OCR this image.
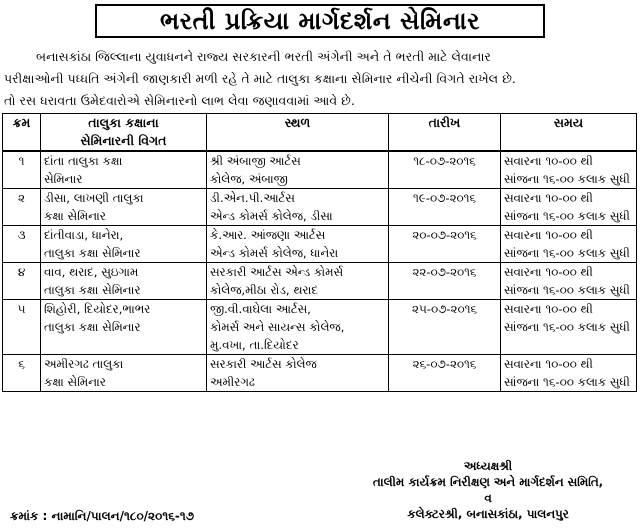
ભરતી પ્રક્રિયા માર્ગદર્શન સેમિનાર
બનાસકાંઠા જિલ્લાના યુવાધનને રાજ્ય સરકારની ભરતી અંગેની અને તે ભરતી માટે લેવાનાર
પરીક્ષાઓની પધ્ધતિ અંગેની જાણકારી મળી રહે તે માટે તાલુકા કક્ષાના સેમિનાર નીચેની વિગતે રાખેલ છે.
તો રસ ધરાવતા ઉમેદવારોએ સેમિનારનો લાભ લેવા જણાવવામાં આવે છે.
ક્રમ	તાલુકા કક્ષાના
સેમિનારની વિગત	સ્થળ	તારીખ	સમય
૧	દાંતા તાલુકા કક્ષા
સેમિનાર	શ્રી અંબાજી આર્ટસ
કોલેજ, અંબાજી	૧૮-૦૭-૨૦૧૬	સવારના ૧૦-૦૦ થી
સાંજના ૧૬-૦૦ કલાક સુધી

૨	ડીસા, લાખણી તાલુકા
કક્ષા સેમિનાર	ડી.એન.પી.આર્ટસ
એન્ડ કોમર્સ કોલેજ, ડીસા	૧૯-૦૭-૨૦૧૬	સવારના ૧૦-૦૦ થી
સાંજના ૧૬-૦૦ કલાક સુધી

૩	દાંતીવાડા, ધાનેરા,
તાલુકા કક્ષા સેમિનાર	કે.આર. આંજણા આર્ટસ
એન્ડ કોમર્સ કોલેજ, ધાનેરા	૨૦-૦૭-૨૦૧૬	સવારના ૧૦-૦૦ થી
સાંજના ૧૬-૦૦ કલાક સુધી

૪	વાવ, થરાદ, સુઇગામ
તાલુકા કક્ષા સેમિનાર	સરકારી આર્ટસ એન્ડ કોમર્સ
કોલેજ,મીઠા રોડ, થરાદ	૨૨-૦૭-૨૦૧૬	સવારના ૧૦-૦૦ થી
સાંજના ૧૬-૦૦ કલાક સુધી

૫	શિહોરી, દિયોદર,ભાભર
તાલુકા કક્ષા સેમિનાર	જી.વી.વાઘેલા આર્ટસ,
કોમર્સ અને સાયન્સ કોલેજ,
મુ.વખા, તા.દિયોદર	૨૫-૦૭-૨૦૧૬	સવારના ૧૦-૦૦ થી
સાંજના ૧૬-૦૦ કલાક સુધી

૬	અમીરગઢ તાલુકા
કક્ષા સેમિનાર	સરકારી આર્ટસ કોલેજ
અમીરગઢ	૨૬-૦૭-૨૦૧૬	સવારના ૧૦-૦૦ થી
સાંજના ૧૬-૦૦ કલાક સુધી
અધ્યક્ષશ્રી
તાલીમ કાર્યક્રમ નિરીક્ષણ અને માર્ગદર્શન સમિતિ,
વ
કલેક્ટરશ્રી, બનાસકાંઠા, પાલનપુર
ક્રમાંક : નામાનિ/પાલન/૧૮૦/૨૦૧૬-૧૭
